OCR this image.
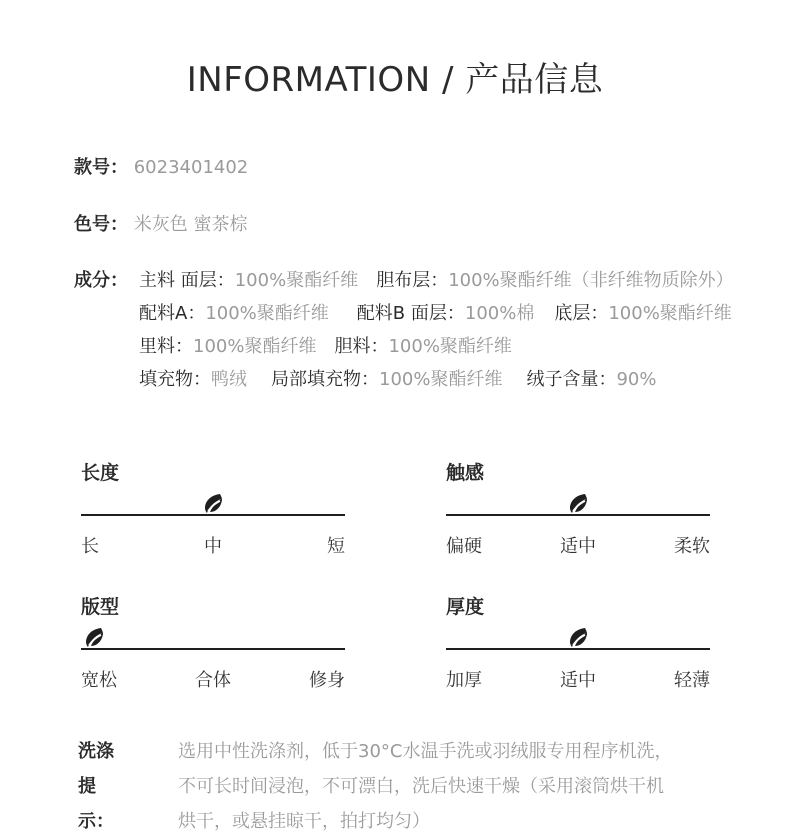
INFORMATION / 产品信息
款号： 6023401402
色号： 米灰色 蜜茶棕
成分： 主料 面层：100%聚酯纤维 胆布层：100%聚酯纤维（非纤维物质除外）
配料A：100%聚酯纤维 配料B 面层：100%棉 底层：100%聚酯纤维
里料：100%聚酯纤维 胆料：100%聚酯纤维
填充物：鸭绒 局部填充物：100%聚酯纤维 绒子含量：90%
长度
长	中	短
触感
偏硬	适中	柔软
版型
宽松	合体	修身
厚度
加厚	适中	轻薄
洗涤提示：
选用中性洗涤剂，低于30°C水温手洗或羽绒服专用程序机洗，
不可长时间浸泡，不可漂白，洗后快速干燥（采用滚筒烘干机
烘干，或悬挂晾干，拍打均匀）
